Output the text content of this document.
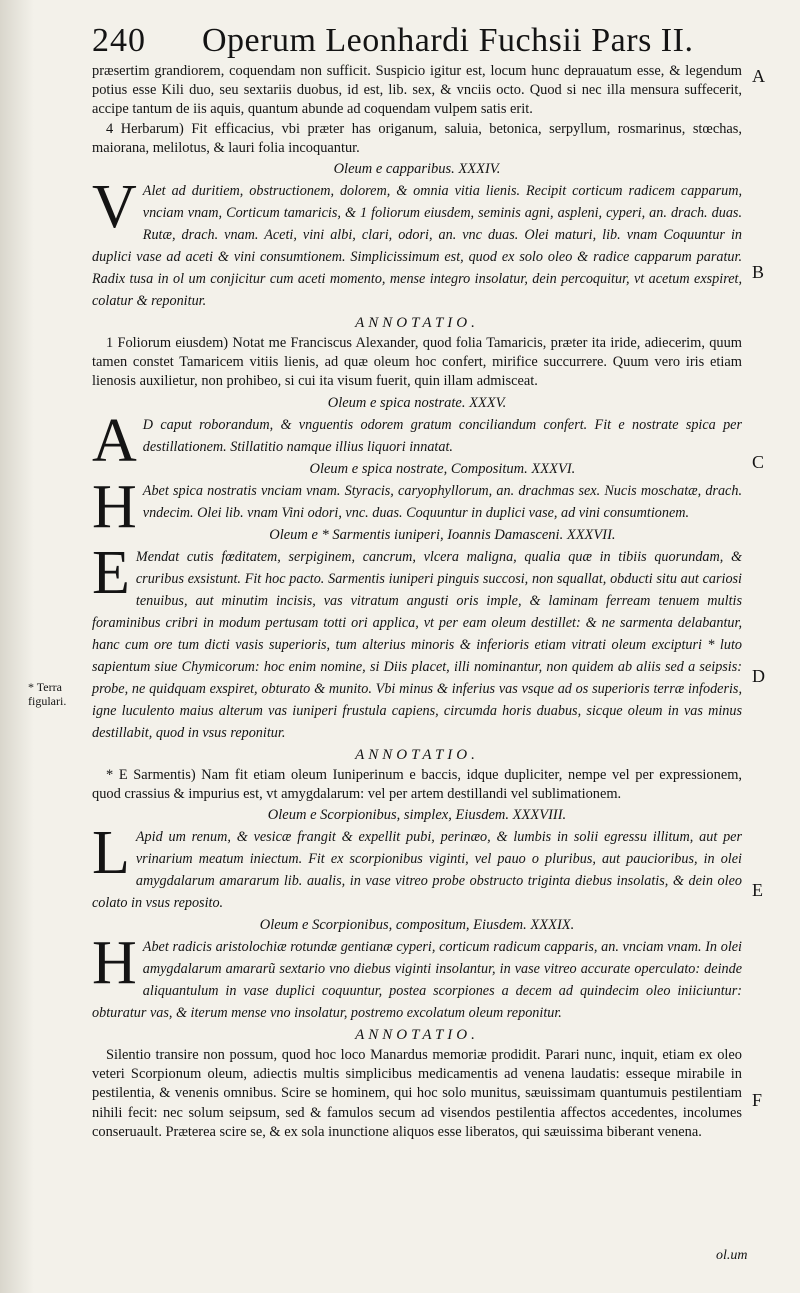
240 Operum Leonhardi Fuchsii Pars II.
A
B
C
D
E
F
* Terra figulari.

præsertim grandiorem, coquendam non sufficit. Suspicio igitur est, locum hunc deprauatum esse, & legendum potius esse Kili duo, seu sextariis duobus, id est, lib. sex, & vnciis octo. Quod si nec illa mensura suffecerit, accipe tantum de iis aquis, quantum abunde ad coquendam vulpem satis erit.

4 Herbarum) Fit efficacius, vbi præter has origanum, saluia, betonica, serpyllum, rosmarinus, stœchas, maiorana, melilotus, & lauri folia incoquantur.

Oleum e capparibus. XXXIV.
V Alet ad duritiem, obstructionem, dolorem, & omnia vitia lienis. Recipit corticum radicem capparum, vnciam vnam, Corticum tamaricis, & 1 foliorum eiusdem, seminis agni, aspleni, cyperi, an. drach. duas. Rutæ, drach. vnam. Aceti, vini albi, clari, odori, an. vnc duas. Olei maturi, lib. vnam Coquuntur in duplici vase ad aceti & vini consumtionem. Simplicissimum est, quod ex solo oleo & radice capparum paratur. Radix tusa in ol um conjicitur cum aceti momento, mense integro insolatur, dein percoquitur, vt acetum exspiret, colatur & reponitur.
ANNOTATIO.

1 Foliorum eiusdem) Notat me Franciscus Alexander, quod folia Tamaricis, præter ita iride, adiecerim, quum tamen constet Tamaricem vitiis lienis, ad quæ oleum hoc confert, mirifice succurrere. Quum vero iris etiam lienosis auxilietur, non prohibeo, si cui ita visum fuerit, quin illam admisceat.

Oleum e spica nostrate. XXXV.
A D caput roborandum, & vnguentis odorem gratum conciliandum confert. Fit e nostrate spica per destillationem. Stillatitio namque illius liquori innatat.
Oleum e spica nostrate, Compositum. XXXVI.
H Abet spica nostratis vnciam vnam. Styracis, caryophyllorum, an. drachmas sex. Nucis moschatæ, drach. vndecim. Olei lib. vnam Vini odori, vnc. duas. Coquuntur in duplici vase, ad vini consumtionem.
Oleum e * Sarmentis iuniperi, Ioannis Damasceni. XXXVII.
E Mendat cutis fœditatem, serpiginem, cancrum, vlcera maligna, qualia quæ in tibiis quorundam, & cruribus exsistunt. Fit hoc pacto. Sarmentis iuniperi pinguis succosi, non squallat, obducti situ aut cariosi tenuibus, aut minutim incisis, vas vitratum angusti oris imple, & laminam ferream tenuem multis foraminibus cribri in modum pertusam totti ori applica, vt per eam oleum destillet: & ne sarmenta delabantur, hanc cum ore tum dicti vasis superioris, tum alterius minoris & inferioris etiam vitrati oleum excipturi * luto sapientum siue Chymicorum: hoc enim nomine, si Diis placet, illi nominantur, non quidem ab aliis sed a seipsis: probe, ne quidquam exspiret, obturato & munito. Vbi minus & inferius vas vsque ad os superioris terræ infoderis, igne luculento maius alterum vas iuniperi frustula capiens, circumda horis duabus, sicque oleum in vas minus destillabit, quod in vsus reponitur.
ANNOTATIO.

* E Sarmentis) Nam fit etiam oleum Iuniperinum e baccis, idque dupliciter, nempe vel per expressionem, quod crassius & impurius est, vt amygdalarum: vel per artem destillandi vel sublimationem.

Oleum e Scorpionibus, simplex, Eiusdem. XXXVIII.
L Apid um renum, & vesicæ frangit & expellit pubi, perinæo, & lumbis in solii egressu illitum, aut per vrinarium meatum iniectum. Fit ex scorpionibus viginti, vel pauo o pluribus, aut paucioribus, in olei amygdalarum amararum lib. aualis, in vase vitreo probe obstructo triginta diebus insolatis, & dein oleo colato in vsus reposito.
Oleum e Scorpionibus, compositum, Eiusdem. XXXIX.
H Abet radicis aristolochiæ rotundæ gentianæ cyperi, corticum radicum capparis, an. vnciam vnam. In olei amygdalarum amararũ sextario vno diebus viginti insolantur, in vase vitreo accurate operculato: deinde aliquantulum in vase duplici coquuntur, postea scorpiones a decem ad quindecim oleo iniiciuntur: obturatur vas, & iterum mense vno insolatur, postremo excolatum oleum reponitur.
ANNOTATIO.

Silentio transire non possum, quod hoc loco Manardus memoriæ prodidit. Parari nunc, inquit, etiam ex oleo veteri Scorpionum oleum, adiectis multis simplicibus medicamentis ad venena laudatis: esseque mirabile in pestilentia, & venenis omnibus. Scire se hominem, qui hoc solo munitus, sæuissimam quantumuis pestilentiam nihili fecit: nec solum seipsum, sed & famulos secum ad visendos pestilentia affectos accedentes, incolumes conseruault. Præterea scire se, & ex sola inunctione aliquos esse liberatos, qui sæuissima biberant venena.

ol.um
